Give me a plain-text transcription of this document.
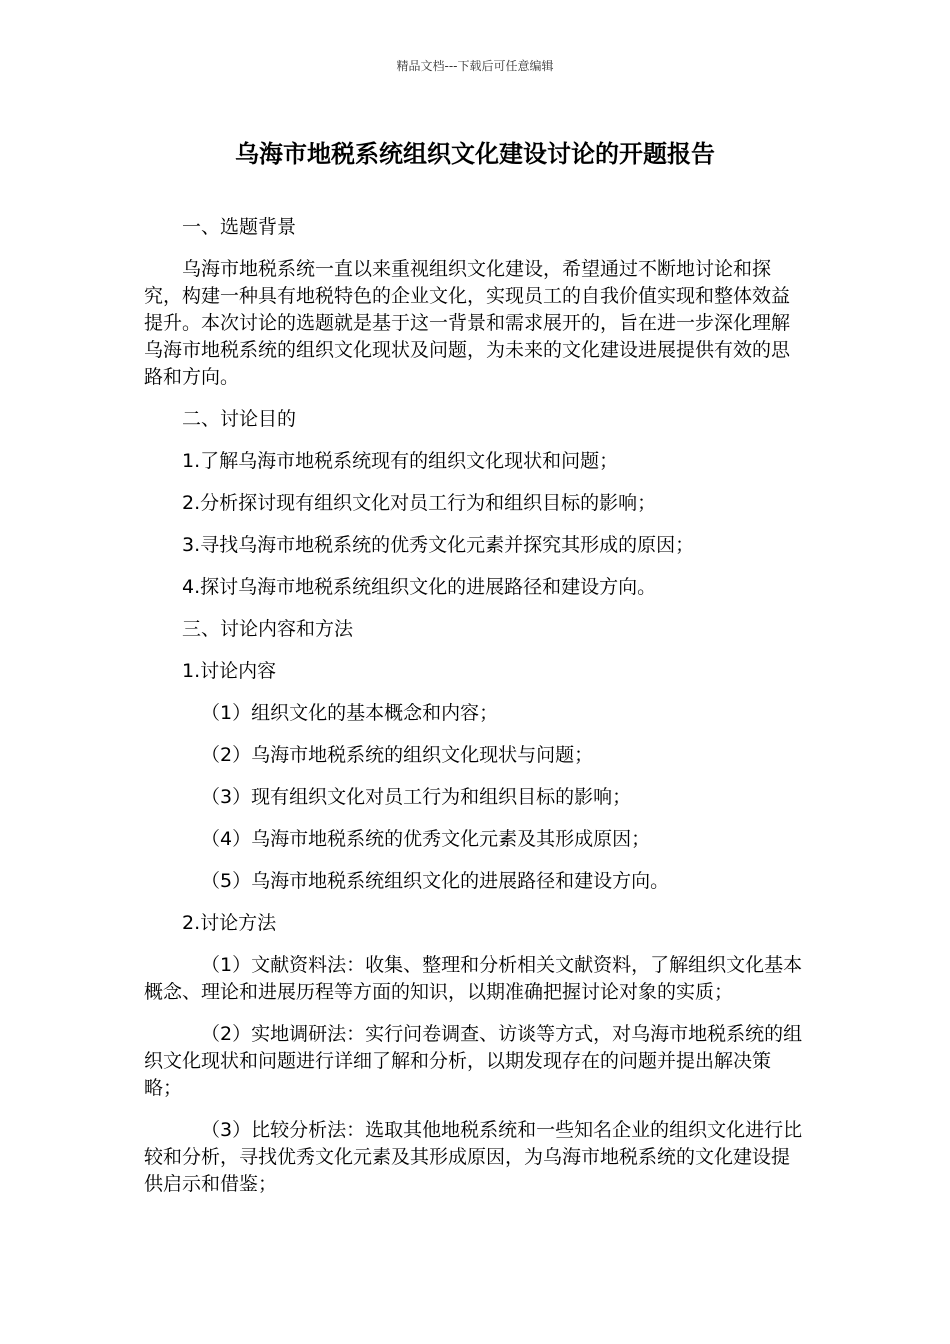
精品文档---下载后可任意编辑
乌海市地税系统组织文化建设讨论的开题报告

一、选题背景

乌海市地税系统一直以来重视组织文化建设，希望通过不断地讨论和探究，构建一种具有地税特色的企业文化，实现员工的自我价值实现和整体效益提升。本次讨论的选题就是基于这一背景和需求展开的，旨在进一步深化理解乌海市地税系统的组织文化现状及问题，为未来的文化建设进展提供有效的思路和方向。

二、讨论目的

1.了解乌海市地税系统现有的组织文化现状和问题；

2.分析探讨现有组织文化对员工行为和组织目标的影响；

3.寻找乌海市地税系统的优秀文化元素并探究其形成的原因；

4.探讨乌海市地税系统组织文化的进展路径和建设方向。

三、讨论内容和方法

1.讨论内容

（1）组织文化的基本概念和内容；

（2）乌海市地税系统的组织文化现状与问题；

（3）现有组织文化对员工行为和组织目标的影响；

（4）乌海市地税系统的优秀文化元素及其形成原因；

（5）乌海市地税系统组织文化的进展路径和建设方向。

2.讨论方法

（1）文献资料法：收集、整理和分析相关文献资料，了解组织文化基本概念、理论和进展历程等方面的知识，以期准确把握讨论对象的实质；

（2）实地调研法：实行问卷调查、访谈等方式，对乌海市地税系统的组织文化现状和问题进行详细了解和分析，以期发现存在的问题并提出解决策略；

（3）比较分析法：选取其他地税系统和一些知名企业的组织文化进行比较和分析，寻找优秀文化元素及其形成原因，为乌海市地税系统的文化建设提供启示和借鉴；
